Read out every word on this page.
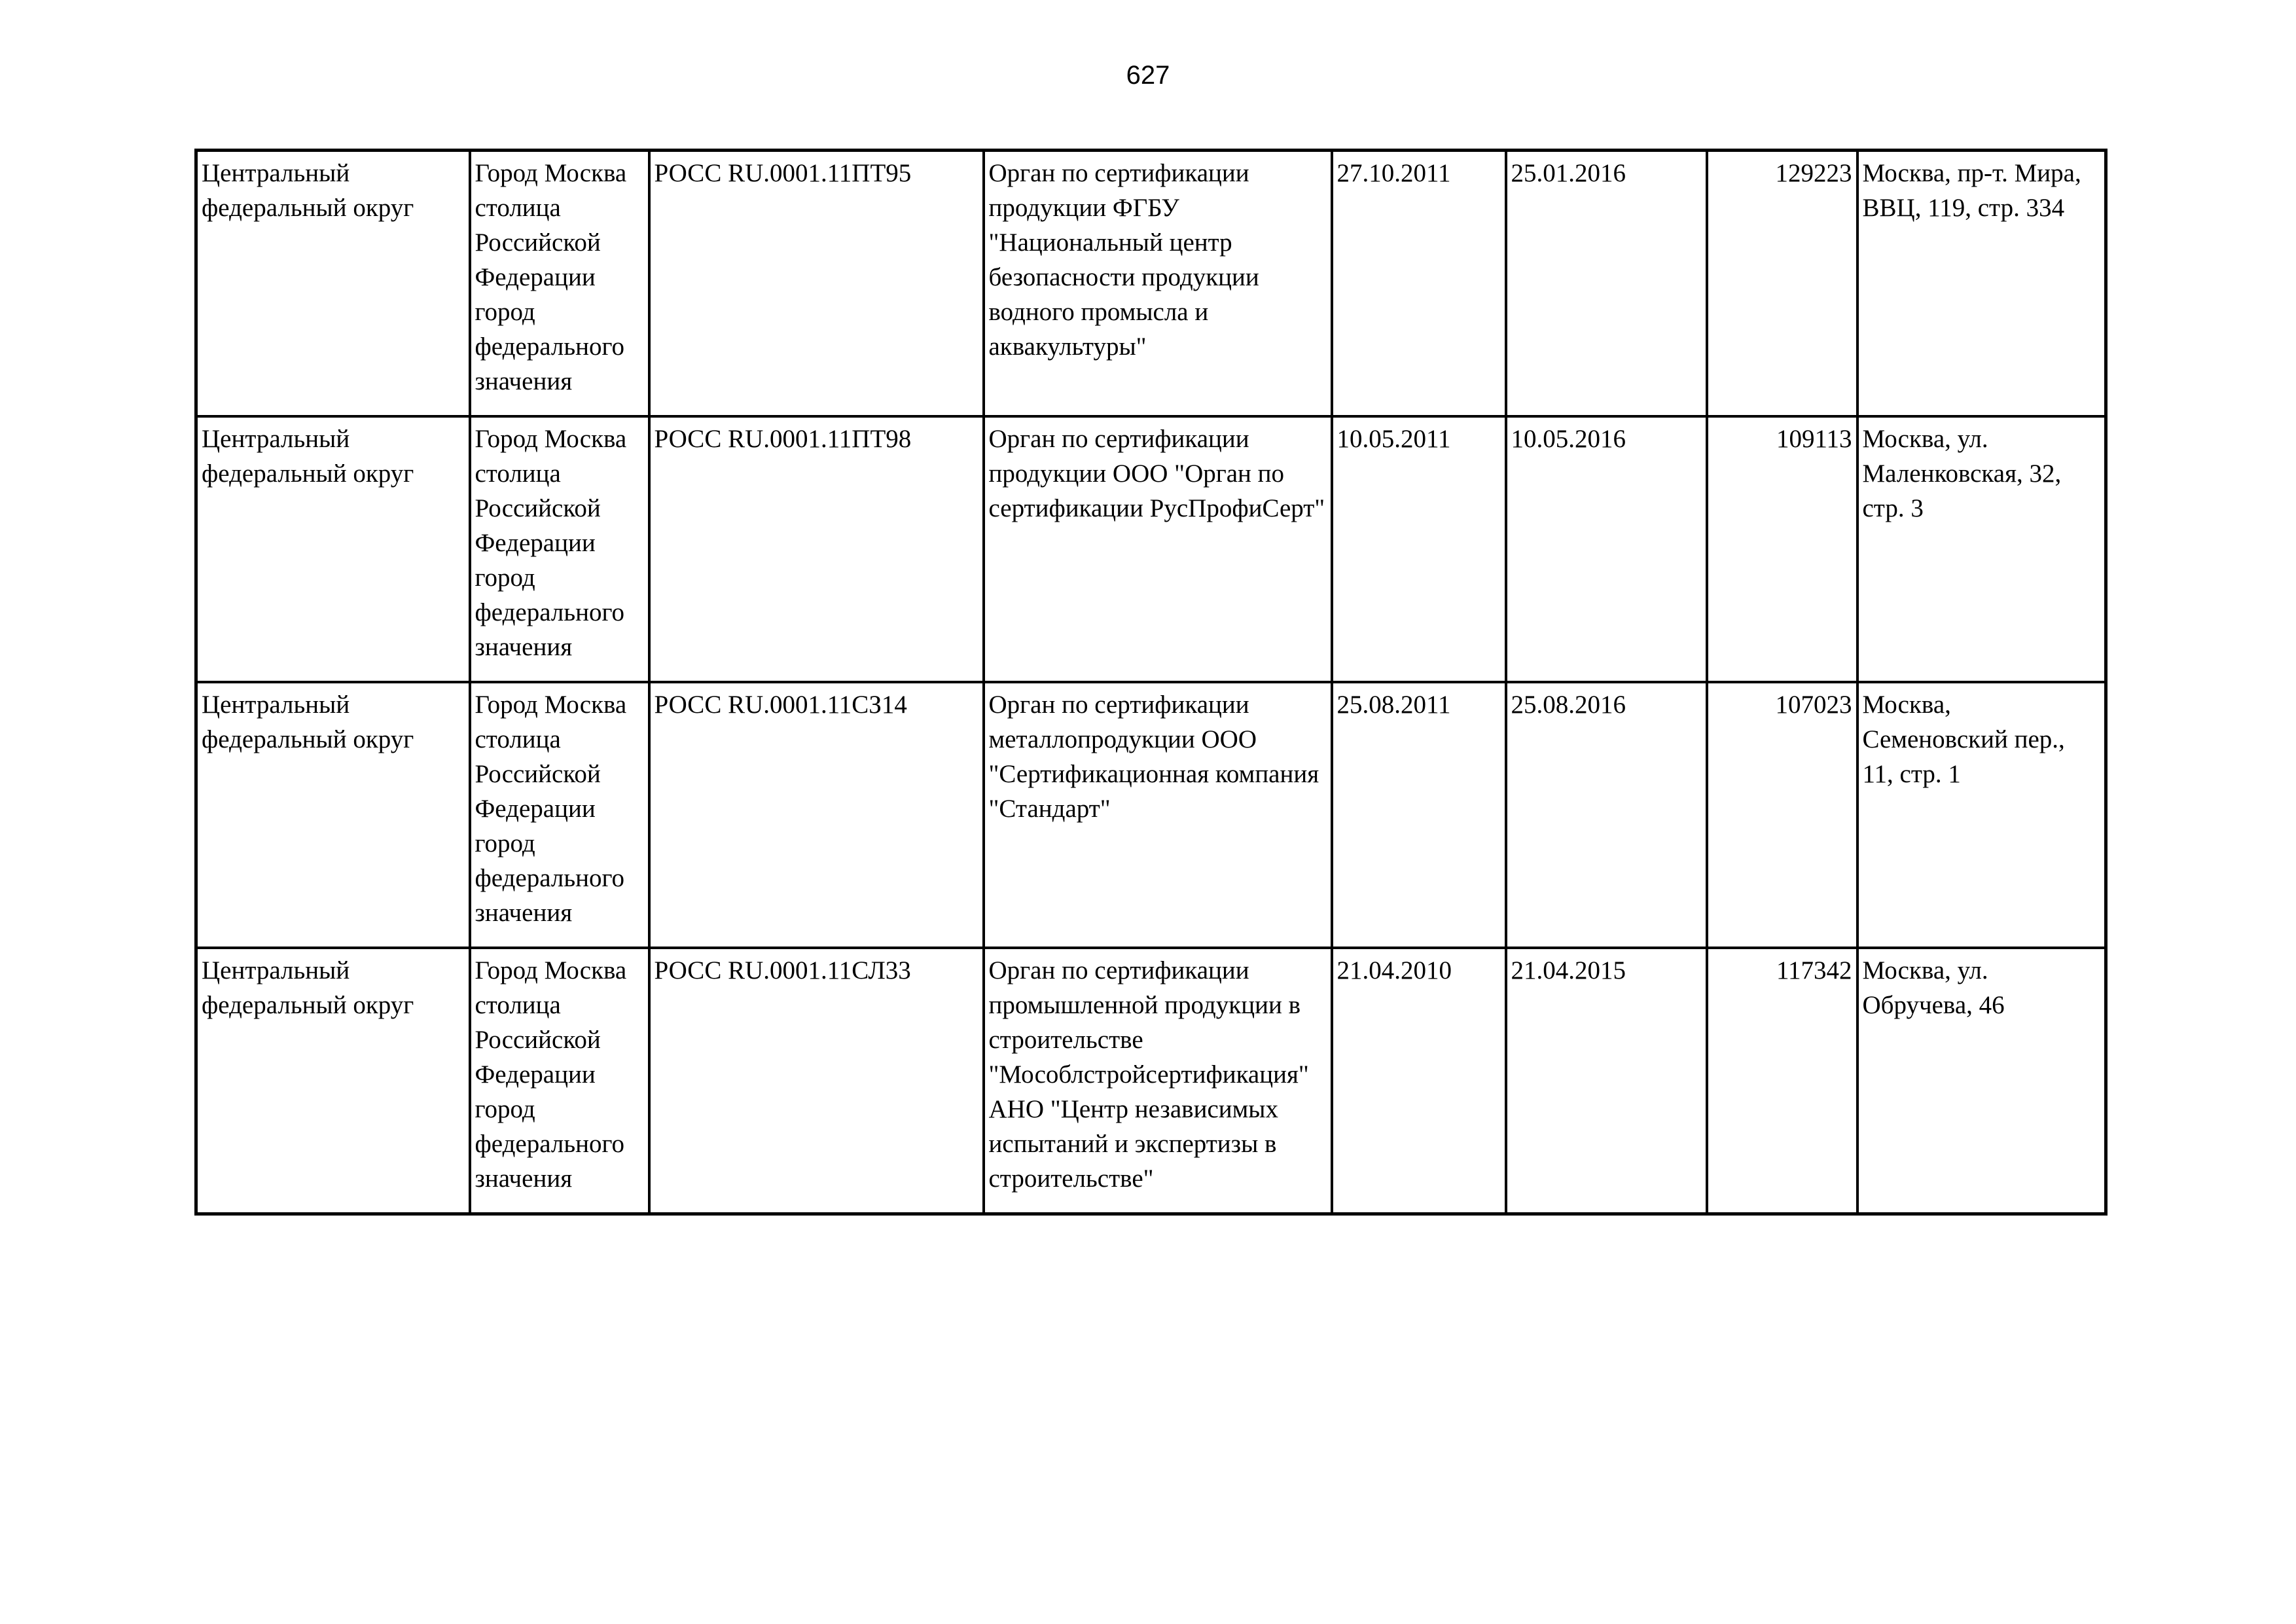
627
Центральный федеральный округ	Город Москва столица Российской Федерации город федерального значения	РОСС RU.0001.11ПТ95	Орган по сертификации продукции ФГБУ "Национальный центр безопасности продукции водного промысла и аквакультуры"	27.10.2011	25.01.2016	129223	Москва, пр-т. Мира, ВВЦ, 119, стр. 334

Центральный федеральный округ	Город Москва столица Российской Федерации город федерального значения	РОСС RU.0001.11ПТ98	Орган по сертификации продукции ООО "Орган по сертификации РусПрофиСерт"	10.05.2011	10.05.2016	109113	Москва, ул. Маленковская, 32, стр. 3

Центральный федеральный округ	Город Москва столица Российской Федерации город федерального значения	РОСС RU.0001.11СЗ14	Орган по сертификации металлопродукции ООО "Сертификационная компания "Стандарт"	25.08.2011	25.08.2016	107023	Москва, Семеновский пер., 11, стр. 1

Центральный федеральный округ	Город Москва столица Российской Федерации город федерального значения	РОСС RU.0001.11СЛ33	Орган по сертификации промышленной продукции в строительстве "Мособлстройсертификация" АНО "Центр независимых испытаний и экспертизы в строительстве"	21.04.2010	21.04.2015	117342	Москва, ул. Обручева, 46
